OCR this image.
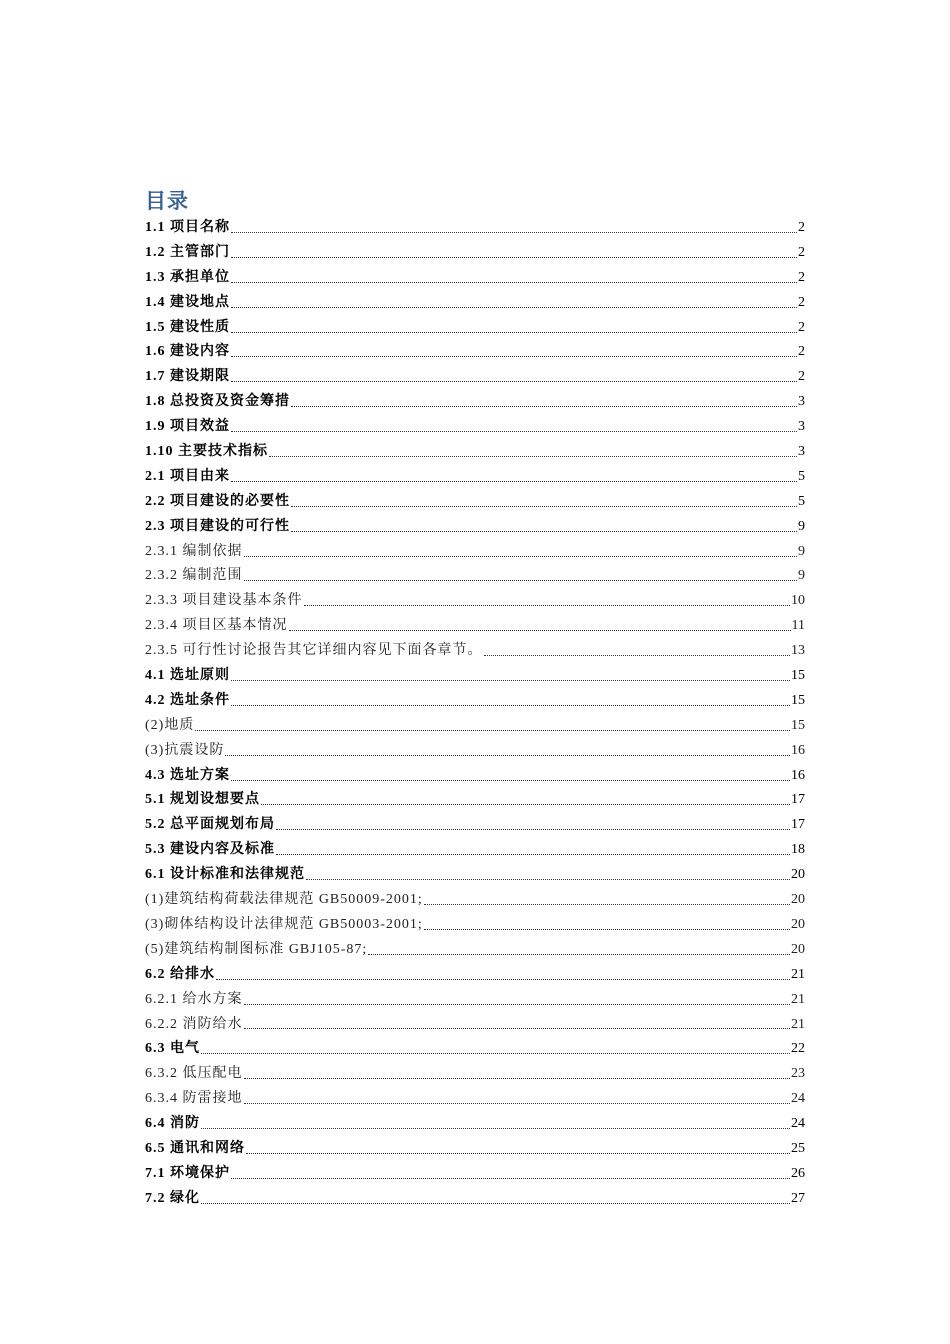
目录
1.1 项目名称	2
1.2 主管部门	2
1.3 承担单位	2
1.4 建设地点	2
1.5 建设性质	2
1.6 建设内容	2
1.7 建设期限	2
1.8 总投资及资金筹措	3
1.9 项目效益	3
1.10 主要技术指标	3
2.1 项目由来	5
2.2 项目建设的必要性	5
2.3 项目建设的可行性	9
2.3.1 编制依据	9
2.3.2 编制范围	9
2.3.3 项目建设基本条件	10
2.3.4 项目区基本情况	11
2.3.5 可行性讨论报告其它详细内容见下面各章节。	13
4.1 选址原则	15
4.2 选址条件	15
(2)地质	15
(3)抗震设防	16
4.3 选址方案	16
5.1 规划设想要点	17
5.2 总平面规划布局	17
5.3 建设内容及标准	18
6.1 设计标准和法律规范	20
(1)建筑结构荷载法律规范 GB50009-2001;	20
(3)砌体结构设计法律规范 GB50003-2001;	20
(5)建筑结构制图标准 GBJ105-87;	20
6.2 给排水	21
6.2.1 给水方案	21
6.2.2 消防给水	21
6.3 电气	22
6.3.2 低压配电	23
6.3.4 防雷接地	24
6.4 消防	24
6.5 通讯和网络	25
7.1 环境保护	26
7.2 绿化	27
